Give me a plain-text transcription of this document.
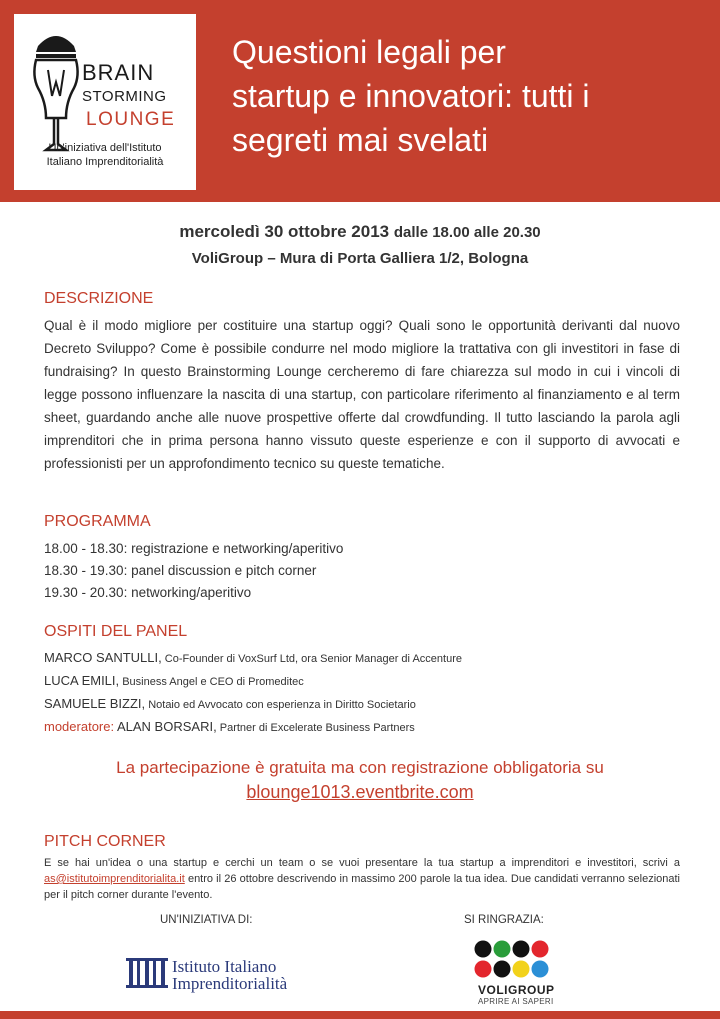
BRAIN
STORMING
LOUNGE
Un'iniziativa dell'Istituto
Italiano Imprenditorialità
Questioni legali per
startup e innovatori: tutti i
segreti mai svelati
mercoledì 30 ottobre 2013 dalle 18.00 alle 20.30
VoliGroup – Mura di Porta Galliera 1/2, Bologna
DESCRIZIONE
Qual è il modo migliore per costituire una startup oggi? Quali sono le opportunità derivanti dal nuovo Decreto Sviluppo? Come è possibile condurre nel modo migliore la trattativa con gli investitori in fase di fundraising? In questo Brainstorming Lounge cercheremo di fare chiarezza sul modo in cui i vincoli di legge possono influenzare la nascita di una startup, con particolare riferimento al finanziamento e al term sheet, guardando anche alle nuove prospettive offerte dal crowdfunding. Il tutto lasciando la parola agli imprenditori che in prima persona hanno vissuto queste esperienze e con il supporto di avvocati e professionisti per un approfondimento tecnico su queste tematiche.
PROGRAMMA
18.00 - 18.30: registrazione e networking/aperitivo
18.30 - 19.30: panel discussion e pitch corner
19.30 - 20.30: networking/aperitivo
OSPITI DEL PANEL
MARCO SANTULLI, Co-Founder di VoxSurf Ltd, ora Senior Manager di Accenture
LUCA EMILI, Business Angel e CEO di Promeditec
SAMUELE BIZZI, Notaio ed Avvocato con esperienza in Diritto Societario
moderatore: ALAN BORSARI, Partner di Excelerate Business Partners
La partecipazione è gratuita ma con registrazione obbligatoria su
blounge1013.eventbrite.com
PITCH CORNER
E se hai un'idea o una startup e cerchi un team o se vuoi presentare la tua startup a imprenditori e investitori, scrivi a as@istitutoimprenditorialita.it entro il 26 ottobre descrivendo in massimo 200 parole la tua idea. Due candidati verranno selezionati per il pitch corner durante l'evento.
UN'INIZIATIVA DI:	SI RINGRAZIA:
Istituto Italiano
Imprenditorialità	VOLIGROUP
APRIRE AI SAPERI
